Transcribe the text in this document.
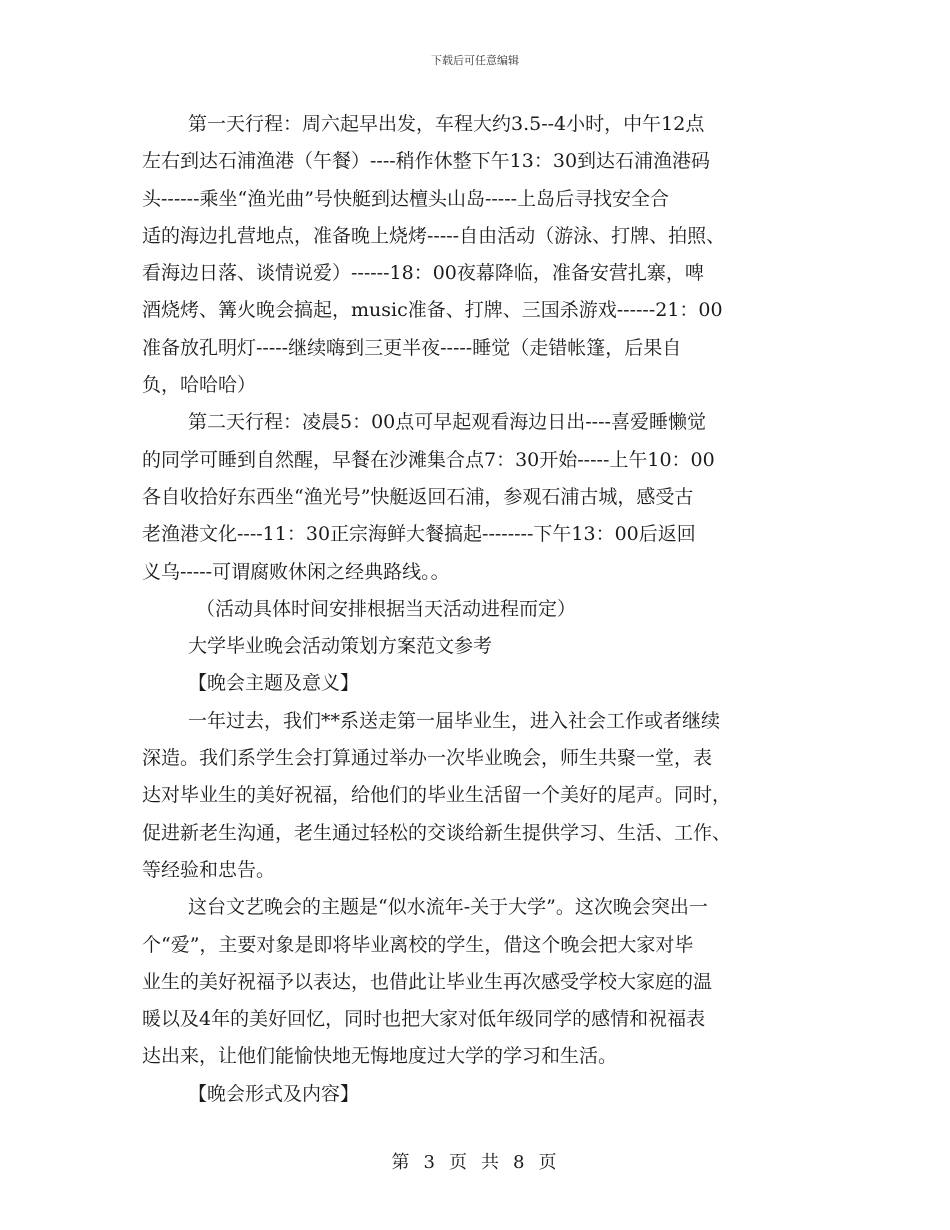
下载后可任意编辑
第一天行程：周六起早出发，车程大约3.5--4小时，中午12点
左右到达石浦渔港（午餐）----稍作休整下午13：30到达石浦渔港码
头------乘坐“渔光曲”号快艇到达檀头山岛-----上岛后寻找安全合
适的海边扎营地点，准备晚上烧烤-----自由活动（游泳、打牌、拍照、
看海边日落、谈情说爱）------18：00夜幕降临，准备安营扎寨，啤
酒烧烤、篝火晚会搞起，music准备、打牌、三国杀游戏------21：00
准备放孔明灯-----继续嗨到三更半夜-----睡觉（走错帐篷，后果自
负，哈哈哈）
第二天行程：凌晨5：00点可早起观看海边日出----喜爱睡懒觉
的同学可睡到自然醒，早餐在沙滩集合点7：30开始-----上午10：00
各自收拾好东西坐“渔光号”快艇返回石浦，参观石浦古城，感受古
老渔港文化----11：30正宗海鲜大餐搞起--------下午13：00后返回
义乌-----可谓腐败休闲之经典路线。。
（活动具体时间安排根据当天活动进程而定）
大学毕业晚会活动策划方案范文参考
【晚会主题及意义】
一年过去，我们**系送走第一届毕业生，进入社会工作或者继续
深造。我们系学生会打算通过举办一次毕业晚会，师生共聚一堂，表
达对毕业生的美好祝福，给他们的毕业生活留一个美好的尾声。同时，
促进新老生沟通，老生通过轻松的交谈给新生提供学习、生活、工作、
等经验和忠告。
这台文艺晚会的主题是“似水流年-关于大学”。这次晚会突出一
个“爱”，主要对象是即将毕业离校的学生，借这个晚会把大家对毕
业生的美好祝福予以表达，也借此让毕业生再次感受学校大家庭的温
暖以及4年的美好回忆，同时也把大家对低年级同学的感情和祝福表
达出来，让他们能愉快地无悔地度过大学的学习和生活。
【晚会形式及内容】
第 3 页 共 8 页
